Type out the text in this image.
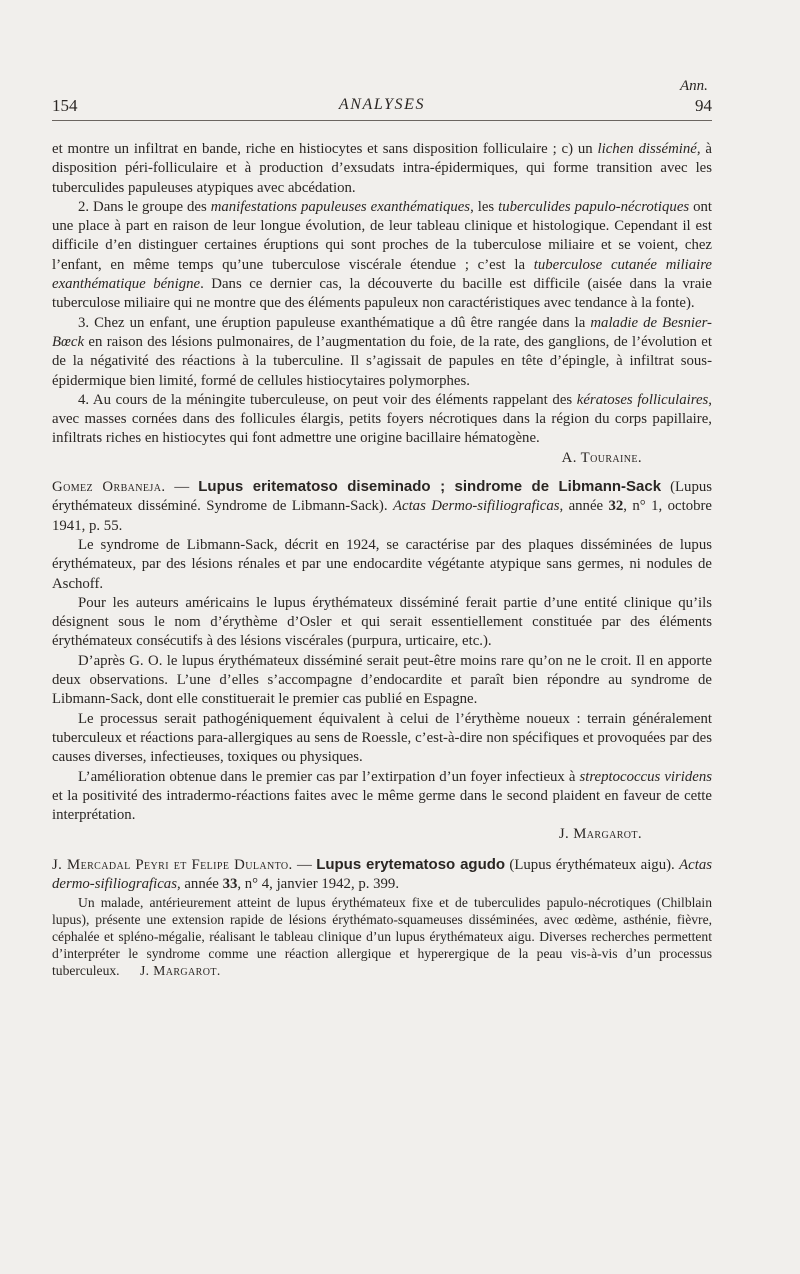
Ann.
154	ANALYSES	94
et montre un infiltrat en bande, riche en histiocytes et sans disposition folliculaire ; c) un lichen disséminé, à disposition péri-folliculaire et à production d’exsudats intra-épidermiques, qui forme transition avec les tuberculides papuleuses atypiques avec abcédation.
2. Dans le groupe des manifestations papuleuses exanthématiques, les tuberculides papulo-nécrotiques ont une place à part en raison de leur longue évolution, de leur tableau clinique et histologique. Cependant il est difficile d’en distinguer certaines éruptions qui sont proches de la tuberculose miliaire et se voient, chez l’enfant, en même temps qu’une tuberculose viscérale étendue ; c’est la tuberculose cutanée miliaire exanthématique bénigne. Dans ce dernier cas, la découverte du bacille est difficile (aisée dans la vraie tuberculose miliaire qui ne montre que des éléments papuleux non caractéristiques avec tendance à la fonte).
3. Chez un enfant, une éruption papuleuse exanthématique a dû être rangée dans la maladie de Besnier-Bœck en raison des lésions pulmonaires, de l’augmentation du foie, de la rate, des ganglions, de l’évolution et de la négativité des réactions à la tuberculine. Il s’agissait de papules en tête d’épingle, à infiltrat sous-épidermique bien limité, formé de cellules histiocytaires polymorphes.
4. Au cours de la méningite tuberculeuse, on peut voir des éléments rappelant des kératoses folliculaires, avec masses cornées dans des follicules élargis, petits foyers nécrotiques dans la région du corps papillaire, infiltrats riches en histiocytes qui font admettre une origine bacillaire hématogène.
A. Touraine.
Gomez Orbaneja. — Lupus eritematoso diseminado ; sindrome de Libmann-Sack (Lupus érythémateux disséminé. Syndrome de Libmann-Sack). Actas Dermo-sifiliograficas, année 32, n° 1, octobre 1941, p. 55.
Le syndrome de Libmann-Sack, décrit en 1924, se caractérise par des plaques disséminées de lupus érythémateux, par des lésions rénales et par une endocardite végétante atypique sans germes, ni nodules de Aschoff.
Pour les auteurs américains le lupus érythémateux disséminé ferait partie d’une entité clinique qu’ils désignent sous le nom d’érythème d’Osler et qui serait essentiellement constituée par des éléments érythémateux consécutifs à des lésions viscérales (purpura, urticaire, etc.).
D’après G. O. le lupus érythémateux disséminé serait peut-être moins rare qu’on ne le croit. Il en apporte deux observations. L’une d’elles s’accompagne d’endocardite et paraît bien répondre au syndrome de Libmann-Sack, dont elle constituerait le premier cas publié en Espagne.
Le processus serait pathogéniquement équivalent à celui de l’érythème noueux : terrain généralement tuberculeux et réactions para-allergiques au sens de Roessle, c’est-à-dire non spécifiques et provoquées par des causes diverses, infectieuses, toxiques ou physiques.
L’amélioration obtenue dans le premier cas par l’extirpation d’un foyer infectieux à streptococcus viridens et la positivité des intradermo-réactions faites avec le même germe dans le second plaident en faveur de cette interprétation.
J. Margarot.
J. Mercadal Peyri et Felipe Dulanto. — Lupus erytematoso agudo (Lupus érythémateux aigu). Actas dermo-sifiliograficas, année 33, n° 4, janvier 1942, p. 399.
Un malade, antérieurement atteint de lupus érythémateux fixe et de tuberculides papulo-nécrotiques (Chilblain lupus), présente une extension rapide de lésions érythémato-squameuses disséminées, avec œdème, asthénie, fièvre, céphalée et spléno-mégalie, réalisant le tableau clinique d’un lupus érythémateux aigu. Diverses recherches permettent d’interpréter le syndrome comme une réaction allergique et hyperergique de la peau vis-à-vis d’un processus tuberculeux. J. Margarot.
